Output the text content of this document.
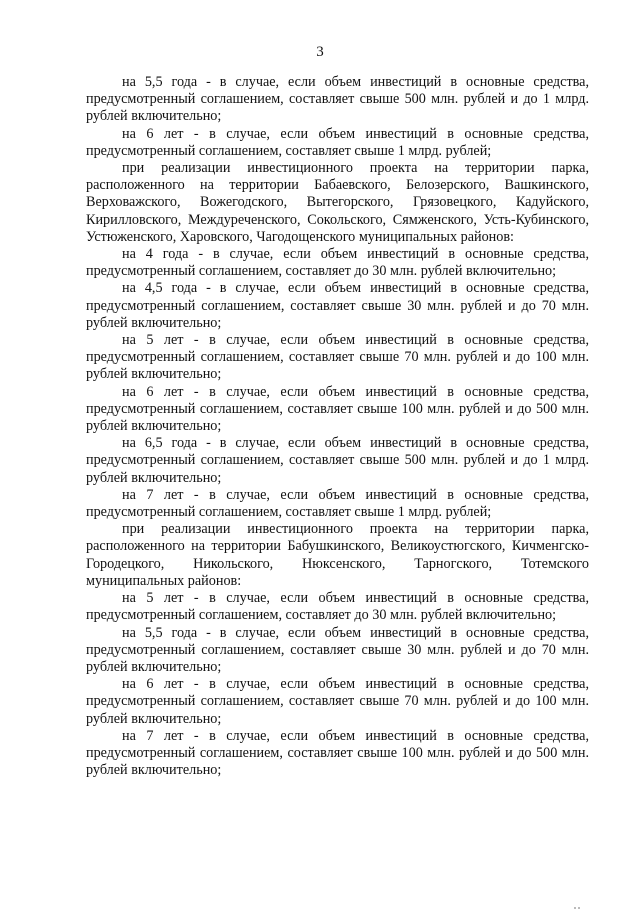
3

на 5,5 года - в случае, если объем инвестиций в основные средства, предусмотренный соглашением, составляет свыше 500 млн. рублей и до 1 млрд. рублей включительно;

на 6 лет - в случае, если объем инвестиций в основные средства, предусмотренный соглашением, составляет свыше 1 млрд. рублей;

при реализации инвестиционного проекта на территории парка, расположенного на территории Бабаевского, Белозерского, Вашкинского, Верховажского, Вожегодского, Вытегорского, Грязовецкого, Кадуйского, Кирилловского, Междуреченского, Сокольского, Сямженского, Усть-Кубинского, Устюженского, Харовского, Чагодощенского муниципальных районов:

на 4 года - в случае, если объем инвестиций в основные средства, предусмотренный соглашением, составляет до 30 млн. рублей включительно;

на 4,5 года - в случае, если объем инвестиций в основные средства, предусмотренный соглашением, составляет свыше 30 млн. рублей и до 70 млн. рублей включительно;

на 5 лет - в случае, если объем инвестиций в основные средства, предусмотренный соглашением, составляет свыше 70 млн. рублей и до 100 млн. рублей включительно;

на 6 лет - в случае, если объем инвестиций в основные средства, предусмотренный соглашением, составляет свыше 100 млн. рублей и до 500 млн. рублей включительно;

на 6,5 года - в случае, если объем инвестиций в основные средства, предусмотренный соглашением, составляет свыше 500 млн. рублей и до 1 млрд. рублей включительно;

на 7 лет - в случае, если объем инвестиций в основные средства, предусмотренный соглашением, составляет свыше 1 млрд. рублей;

при реализации инвестиционного проекта на территории парка, расположенного на территории Бабушкинского, Великоустюгского, Кичменгско-Городецкого, Никольского, Нюксенского, Тарногского, Тотемского муниципальных районов:

на 5 лет - в случае, если объем инвестиций в основные средства, предусмотренный соглашением, составляет до 30 млн. рублей включительно;

на 5,5 года - в случае, если объем инвестиций в основные средства, предусмотренный соглашением, составляет свыше 30 млн. рублей и до 70 млн. рублей включительно;

на 6 лет - в случае, если объем инвестиций в основные средства, предусмотренный соглашением, составляет свыше 70 млн. рублей и до 100 млн. рублей включительно;

на 7 лет - в случае, если объем инвестиций в основные средства, предусмотренный соглашением, составляет свыше 100 млн. рублей и до 500 млн. рублей включительно;
